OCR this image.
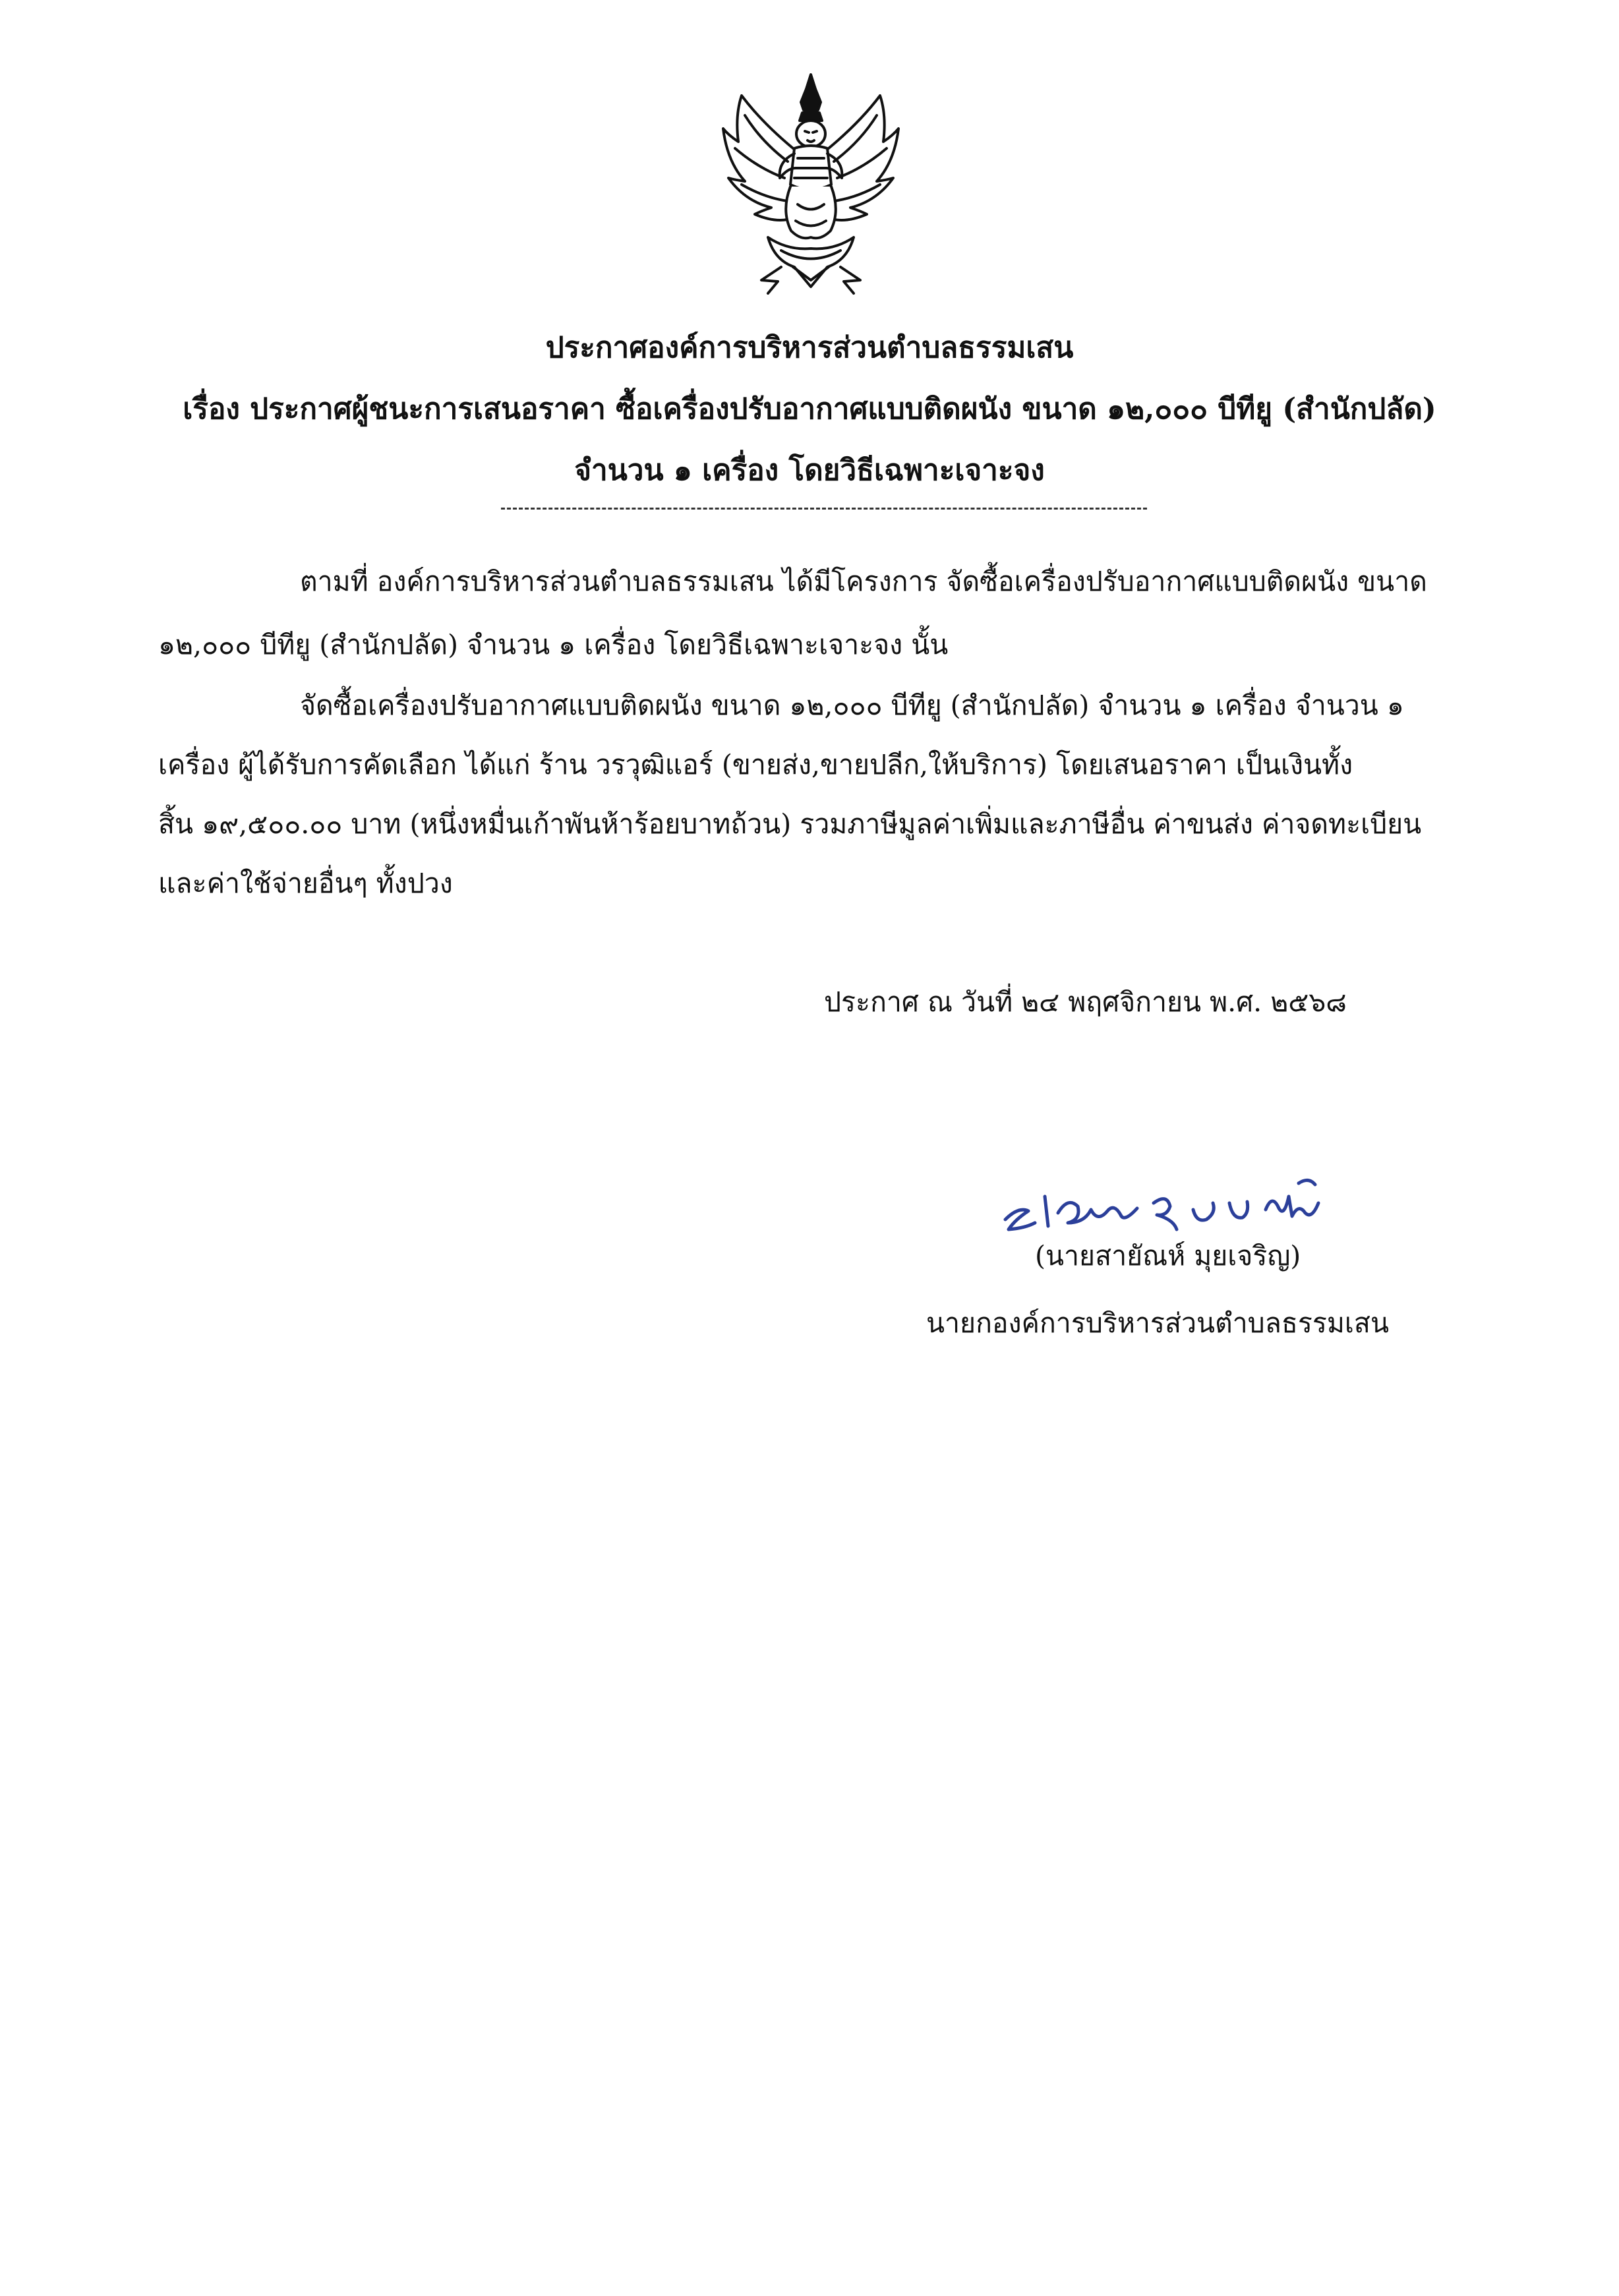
ประกาศองค์การบริหารส่วนตำบลธรรมเสน
เรื่อง ประกาศผู้ชนะการเสนอราคา ซื้อเครื่องปรับอากาศแบบติดผนัง ขนาด ๑๒,๐๐๐ บีทียู (สำนักปลัด)
จำนวน ๑ เครื่อง โดยวิธีเฉพาะเจาะจง
ตามที่ องค์การบริหารส่วนตำบลธรรมเสน ได้มีโครงการ จัดซื้อเครื่องปรับอากาศแบบติดผนัง ขนาด
๑๒,๐๐๐ บีทียู (สำนักปลัด) จำนวน ๑ เครื่อง โดยวิธีเฉพาะเจาะจง นั้น
จัดซื้อเครื่องปรับอากาศแบบติดผนัง ขนาด ๑๒,๐๐๐ บีทียู (สำนักปลัด) จำนวน ๑ เครื่อง จำนวน ๑
เครื่อง ผู้ได้รับการคัดเลือก ได้แก่ ร้าน วรวุฒิแอร์ (ขายส่ง,ขายปลีก,ให้บริการ) โดยเสนอราคา เป็นเงินทั้ง
สิ้น ๑๙,๕๐๐.๐๐ บาท (หนึ่งหมื่นเก้าพันห้าร้อยบาทถ้วน) รวมภาษีมูลค่าเพิ่มและภาษีอื่น ค่าขนส่ง ค่าจดทะเบียน
และค่าใช้จ่ายอื่นๆ ทั้งปวง
ประกาศ ณ วันที่ ๒๔ พฤศจิกายน พ.ศ. ๒๕๖๘
(นายสายัณห์ มุยเจริญ)
นายกองค์การบริหารส่วนตำบลธรรมเสน
